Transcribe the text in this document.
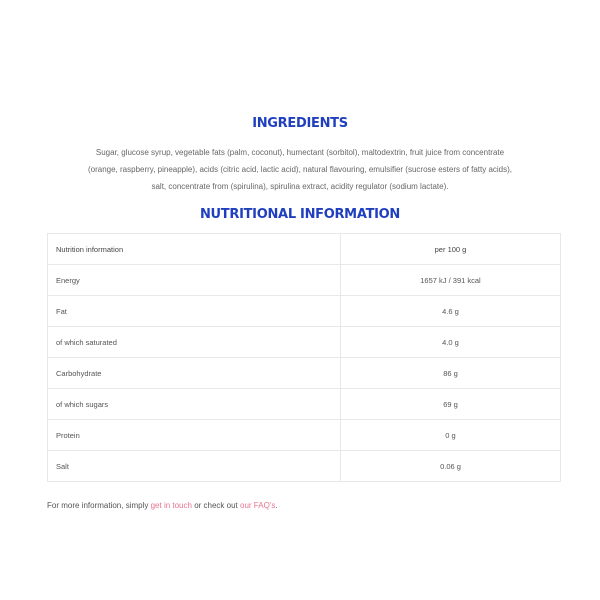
INGREDIENTS
Sugar, glucose syrup, vegetable fats (palm, coconut), humectant (sorbitol), maltodextrin, fruit juice from concentrate
(orange, raspberry, pineapple), acids (citric acid, lactic acid), natural flavouring, emulsifier (sucrose esters of fatty acids),
salt, concentrate from (spirulina), spirulina extract, acidity regulator (sodium lactate).
NUTRITIONAL INFORMATION
Nutrition information	per 100 g
Energy	1657 kJ / 391 kcal
Fat	4.6 g
of which saturated	4.0 g
Carbohydrate	86 g
of which sugars	69 g
Protein	0 g
Salt	0.06 g
For more information, simply get in touch or check out our FAQ's.
